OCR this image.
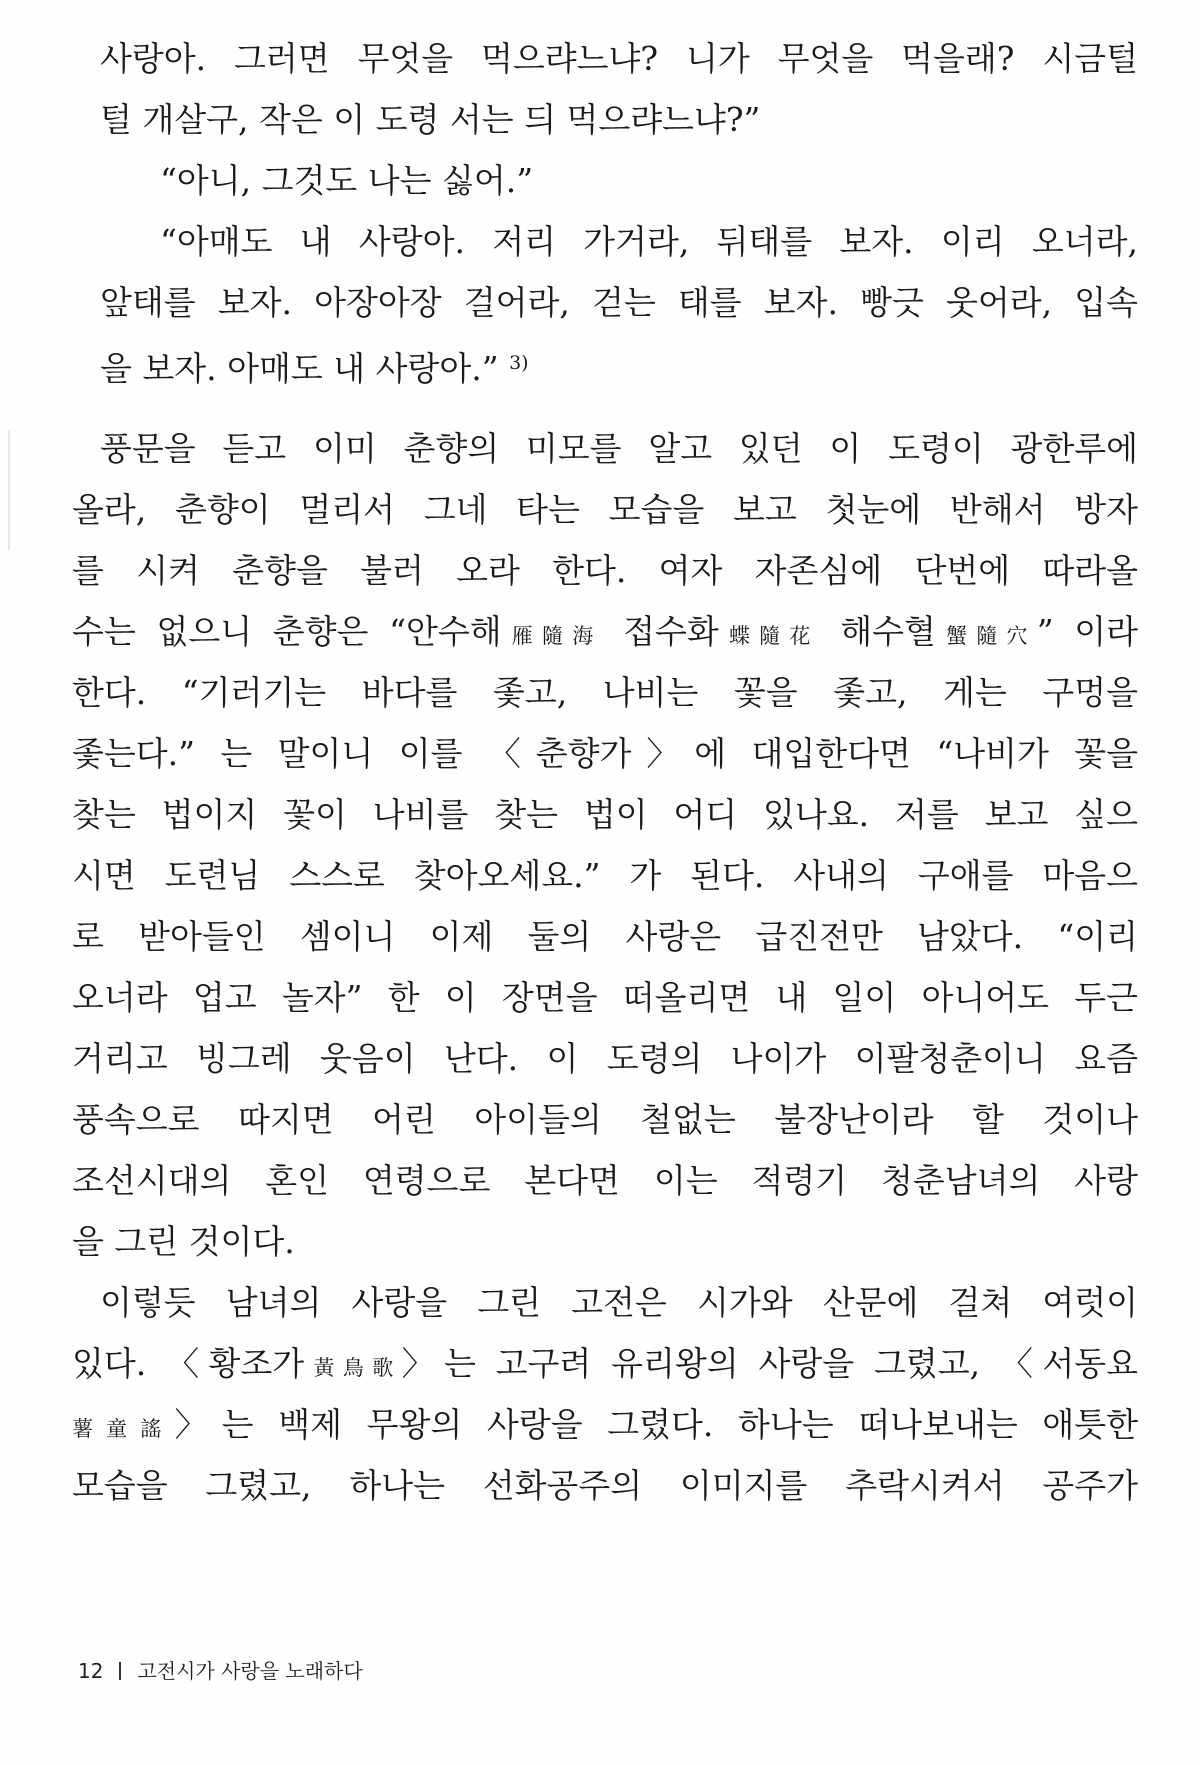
사랑아. 그러면 무엇을 먹으랴느냐? 니가 무엇을 먹을래? 시금털
털 개살구, 작은 이 도령 서는 듸 먹으랴느냐?”
“아니, 그것도 나는 싫어.”
“아매도 내 사랑아. 저리 가거라, 뒤태를 보자. 이리 오너라,
앞태를 보자. 아장아장 걸어라, 걷는 태를 보자. 빵긋 웃어라, 입속
을 보자. 아매도 내 사랑아.” $^{3)}$
풍문을 듣고 이미 춘향의 미모를 알고 있던 이 도령이 광한루에
올라, 춘향이 멀리서 그네 타는 모습을 보고 첫눈에 반해서 방자
를 시켜 춘향을 불러 오라 한다. 여자 자존심에 단번에 따라올
수는 없으니 춘향은 “안수해雁隨海 접수화蝶隨花 해수혈蟹隨穴” 이라
한다. “기러기는 바다를 좇고, 나비는 꽃을 좇고, 게는 구멍을
좇는다.” 는 말이니 이를 〈춘향가〉에 대입한다면 “나비가 꽃을
찾는 법이지 꽃이 나비를 찾는 법이 어디 있나요. 저를 보고 싶으
시면 도련님 스스로 찾아오세요.” 가 된다. 사내의 구애를 마음으
로 받아들인 셈이니 이제 둘의 사랑은 급진전만 남았다. “이리
오너라 업고 놀자” 한 이 장면을 떠올리면 내 일이 아니어도 두근
거리고 빙그레 웃음이 난다. 이 도령의 나이가 이팔청춘이니 요즘
풍속으로 따지면 어린 아이들의 철없는 불장난이라 할 것이나
조선시대의 혼인 연령으로 본다면 이는 적령기 청춘남녀의 사랑
을 그린 것이다.
이렇듯 남녀의 사랑을 그린 고전은 시가와 산문에 걸쳐 여럿이
있다. 〈황조가黃鳥歌〉는 고구려 유리왕의 사랑을 그렸고, 〈서동요
薯童謠〉는 백제 무왕의 사랑을 그렸다. 하나는 떠나보내는 애틋한
모습을 그렸고, 하나는 선화공주의 이미지를 추락시켜서 공주가
12 고전시가 사랑을 노래하다
